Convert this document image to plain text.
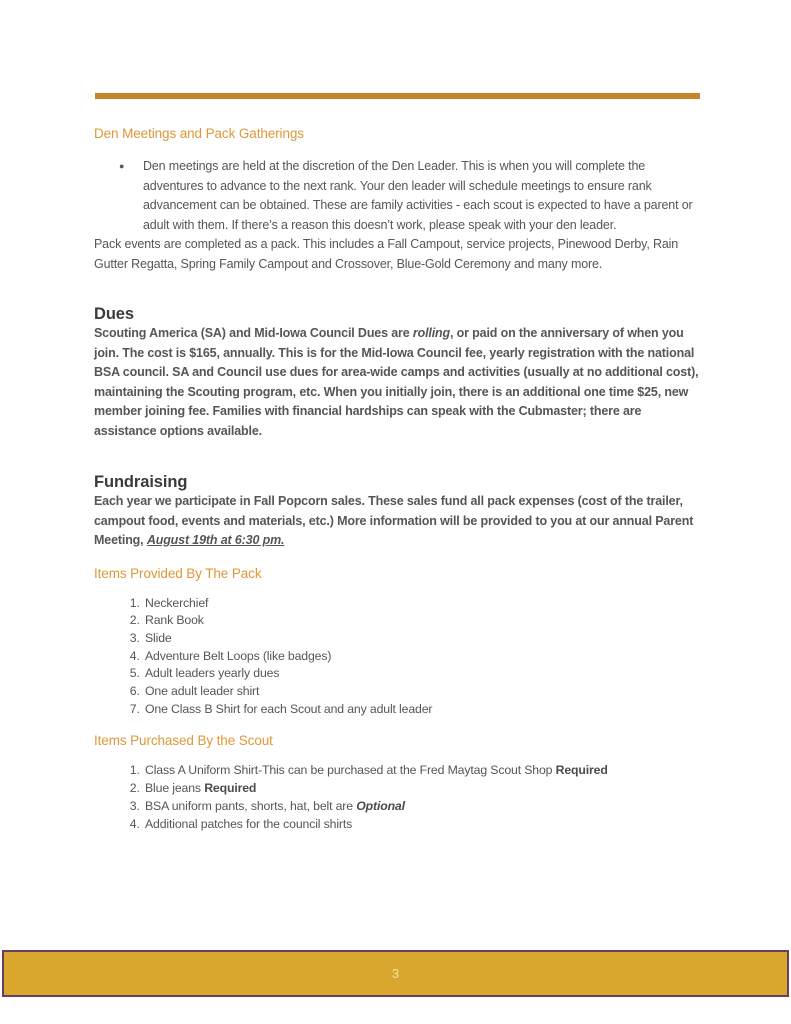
Den Meetings and Pack Gatherings
●	Den meetings are held at the discretion of the Den Leader. This is when you will complete the adventures to advance to the next rank. Your den leader will schedule meetings to ensure rank advancement can be obtained. These are family activities - each scout is expected to have a parent or adult with them. If there’s a reason this doesn’t work, please speak with your den leader.

Pack events are completed as a pack. This includes a Fall Campout, service projects, Pinewood Derby, Rain Gutter Regatta, Spring Family Campout and Crossover, Blue-Gold Ceremony and many more.

Dues

Scouting America (SA) and Mid-Iowa Council Dues are rolling, or paid on the anniversary of when you join. The cost is $165, annually. This is for the Mid-Iowa Council fee, yearly registration with the national BSA council. SA and Council use dues for area-wide camps and activities (usually at no additional cost), maintaining the Scouting program, etc. When you initially join, there is an additional one time $25, new member joining fee. Families with financial hardships can speak with the Cubmaster; there are assistance options available.

Fundraising

Each year we participate in Fall Popcorn sales. These sales fund all pack expenses (cost of the trailer, campout food, events and materials, etc.) More information will be provided to you at our annual Parent Meeting, August 19th at 6:30 pm.

Items Provided By The Pack
1. Neckerchief
2. Rank Book
3. Slide
4. Adventure Belt Loops (like badges)
5. Adult leaders yearly dues
6. One adult leader shirt
7. One Class B Shirt for each Scout and any adult leader
Items Purchased By the Scout
1. Class A Uniform Shirt-This can be purchased at the Fred Maytag Scout Shop Required
2. Blue jeans Required
3. BSA uniform pants, shorts, hat, belt are Optional
4. Additional patches for the council shirts
3
